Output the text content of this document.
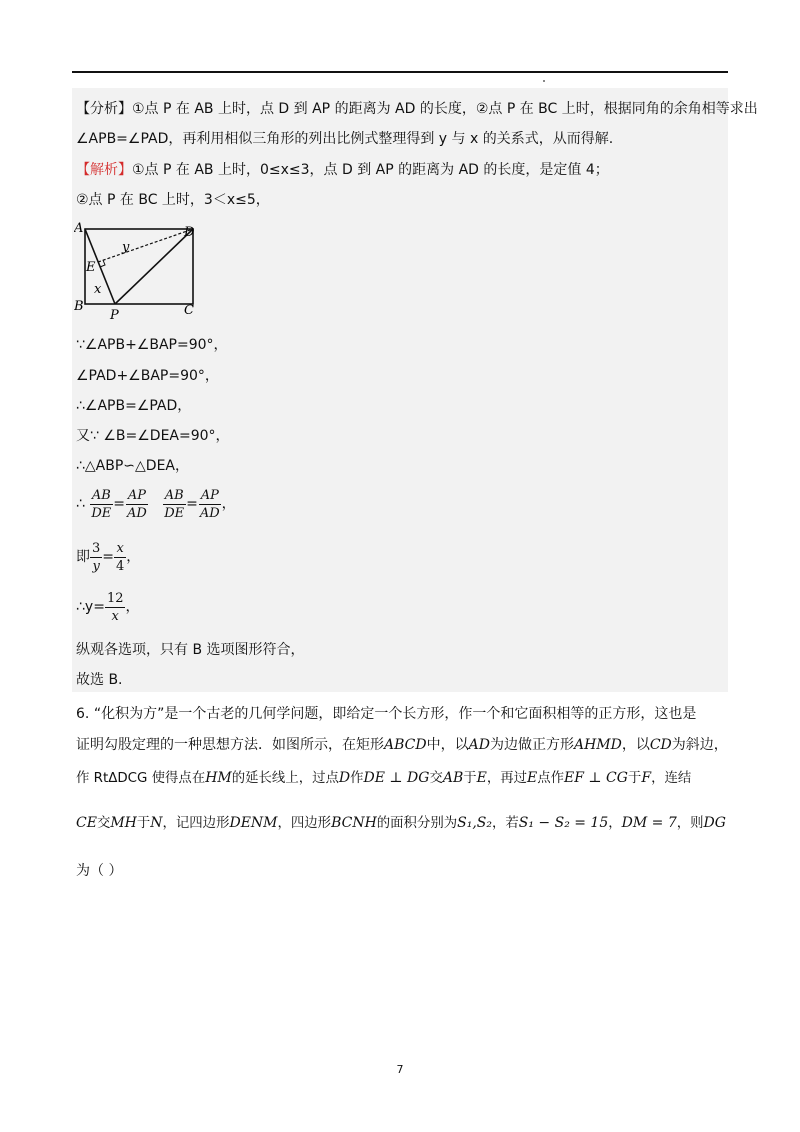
【分析】①点 P 在 AB 上时，点 D 到 AP 的距离为 AD 的长度，②点 P 在 BC 上时，根据同角的余角相等求出
∠APB=∠PAD，再利用相似三角形的列出比例式整理得到 y 与 x 的关系式，从而得解.
【解析】①点 P 在 AB 上时，0≤x≤3，点 D 到 AP 的距离为 AD 的长度，是定值 4；
②点 P 在 BC 上时，3＜x≤5，
A	D
E
B	C
P
x
y
∵∠APB+∠BAP=90°，
∠PAD+∠BAP=90°，
∴∠APB=∠PAD，
又∵ ∠B=∠DEA=90°，
∴△ABP∽△DEA，
∴ $\frac{AB}{DE} = \frac{AP}{AD}$
$\frac{AB}{DE} = \frac{AP}{AD}$ ，
即 $\frac{3}{y} = \frac{x}{4}$ ，
∴y= $\frac{12}{x}$ ，
纵观各选项，只有 B 选项图形符合，
故选 B.
6. “化积为方”是一个古老的几何学问题，即给定一个长方形，作一个和它面积相等的正方形，这也是
证明勾股定理的一种思想方法．如图所示，在矩形ABCD中，以AD为边做正方形AHMD，以CD为斜边，
作 RtΔDCG 使得点在HM的延长线上，过点D作DE ⊥ DG交AB于E，再过E点作EF ⊥ CG于F，连结
CE交MH于N，记四边形DENM，四边形BCNH的面积分别为S₁,S₂，若S₁ − S₂ = 15，DM = 7，则DG
为（ ）
7
